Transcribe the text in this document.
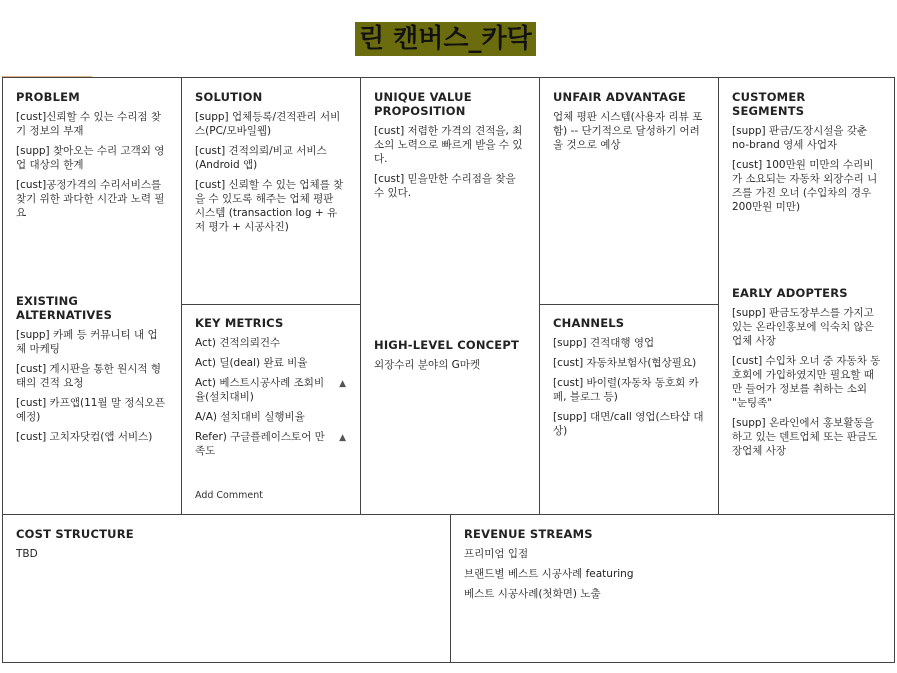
린 캔버스_카닥
PROBLEM

[cust]신뢰할 수 있는 수리점 찾기 정보의 부재

[supp] 찾아오는 수리 고객외 영업 대상의 한계

[cust]공정가격의 수리서비스를 찾기 위한 과다한 시간과 노력 필요

EXISTING ALTERNATIVES

[supp] 카페 등 커뮤니티 내 업체 마케팅

[cust] 게시판을 통한 원시적 형태의 견적 요청

[cust] 카프앱(11월 말 정식오픈 예정)

[cust] 고치자닷컴(앱 서비스)

SOLUTION

[supp] 업체등록/견적관리 서비스(PC/모바일웹)

[cust] 견적의뢰/비교 서비스(Android 앱)

[cust] 신뢰할 수 있는 업체를 찾을 수 있도록 해주는 업체 평판 시스템 (transaction log + 유저 평가 + 시공사진)

KEY METRICS

Act) 견적의뢰건수

Act) 딜(deal) 완료 비율

Act) 베스트시공사례 조회비율(설치대비)
▲

A/A) 설치대비 실행비율

Refer) 구글플레이스토어 만족도
▲

Add Comment
UNIQUE VALUE PROPOSITION

[cust] 저렴한 가격의 견적을, 최소의 노력으로 빠르게 받을 수 있다.

[cust] 믿을만한 수리점을 찾을 수 있다.

HIGH-LEVEL CONCEPT

외장수리 분야의 G마켓

UNFAIR ADVANTAGE

업체 평판 시스템(사용자 리뷰 포함) -- 단기적으로 달성하기 어려울 것으로 예상

CHANNELS

[supp] 견적대행 영업

[cust] 자동차보험사(협상필요)

[cust] 바이럴(자동차 동호회 카페, 블로그 등)

[supp] 대면/call 영업(스타샵 대상)

CUSTOMER SEGMENTS

[supp] 판금/도장시설을 갖춘 no-brand 영세 사업자

[cust] 100만원 미만의 수리비가 소요되는 자동차 외장수리 니즈를 가진 오너 (수입차의 경우 200만원 미만)

EARLY ADOPTERS

[supp] 판금도장부스를 가지고 있는 온라인홍보에 익숙치 않은 업체 사장

[cust] 수입차 오너 중 자동차 동호회에 가입하였지만 필요할 때만 들어가 정보를 취하는 소외 "눈팅족"

[supp] 온라인에서 홍보활동을 하고 있는 덴트업체 또는 판금도장업체 사장

COST STRUCTURE

TBD

REVENUE STREAMS

프리미엄 입점

브랜드별 베스트 시공사례 featuring

베스트 시공사례(첫화면) 노출
